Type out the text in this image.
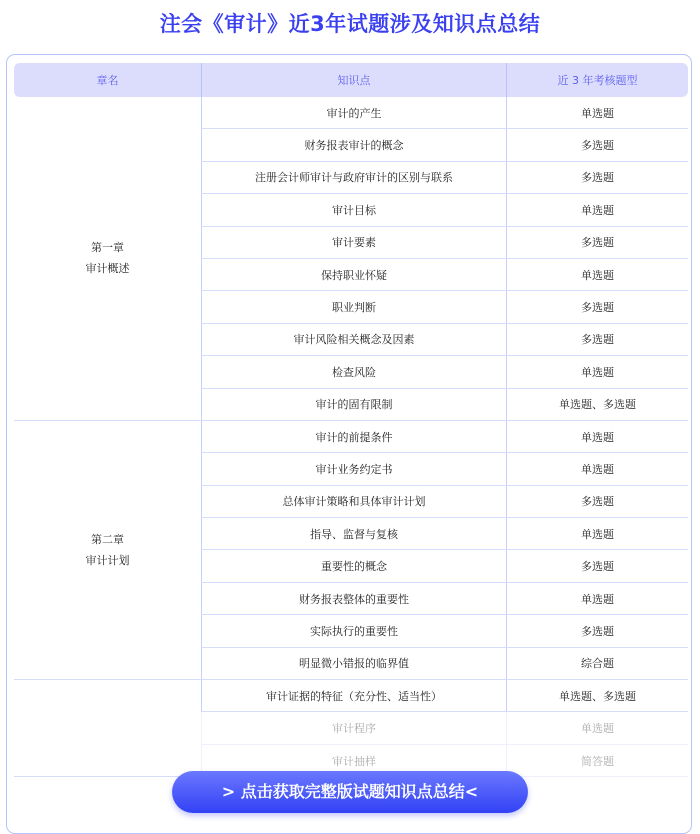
注会《审计》近3年试题涉及知识点总结
章名	知识点	近 3 年考核题型

第一章
审计概述	审计的产生	单选题
	财务报表审计的概念	多选题
	注册会计师审计与政府审计的区别与联系	多选题
	审计目标	单选题
	审计要素	多选题
	保持职业怀疑	单选题
	职业判断	多选题
	审计风险相关概念及因素	多选题
	检查风险	单选题
	审计的固有限制	单选题、多选题

第二章
审计计划	审计的前提条件	单选题
	审计业务约定书	单选题
	总体审计策略和具体审计计划	多选题
	指导、监督与复核	单选题
	重要性的概念	多选题
	财务报表整体的重要性	单选题
	实际执行的重要性	多选题
	明显微小错报的临界值	综合题

	审计证据的特征（充分性、适当性）	单选题、多选题
	审计程序	单选题
	审计抽样	简答题
> 点击获取完整版试题知识点总结<
